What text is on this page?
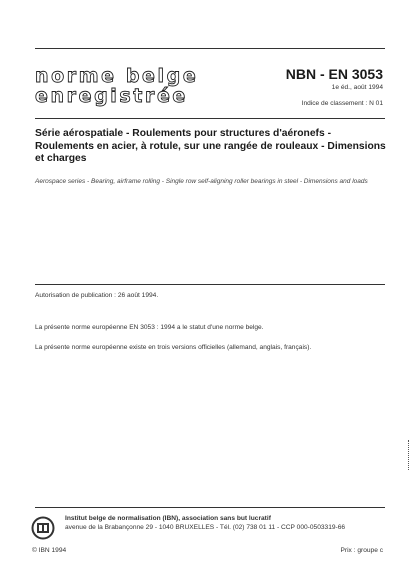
norme belge
enregistrée
NBN - EN 3053
1e éd., août 1994
Indice de classement : N 01
Série aérospatiale - Roulements pour structures d'aéronefs - Roulements en acier, à rotule, sur une rangée de rouleaux - Dimensions et charges
Aerospace series - Bearing, airframe rolling - Single row self-aligning roller bearings in steel - Dimensions and loads
Autorisation de publication : 26 août 1994.
La présente norme européenne EN 3053 : 1994 a le statut d'une norme belge.
La présente norme européenne existe en trois versions officielles (allemand, anglais, français).
Institut belge de normalisation (IBN), association sans but lucratif
avenue de la Brabançonne 29 - 1040 BRUXELLES - Tél. (02) 738 01 11 - CCP 000-0503319-66
© IBN 1994	Prix : groupe c
